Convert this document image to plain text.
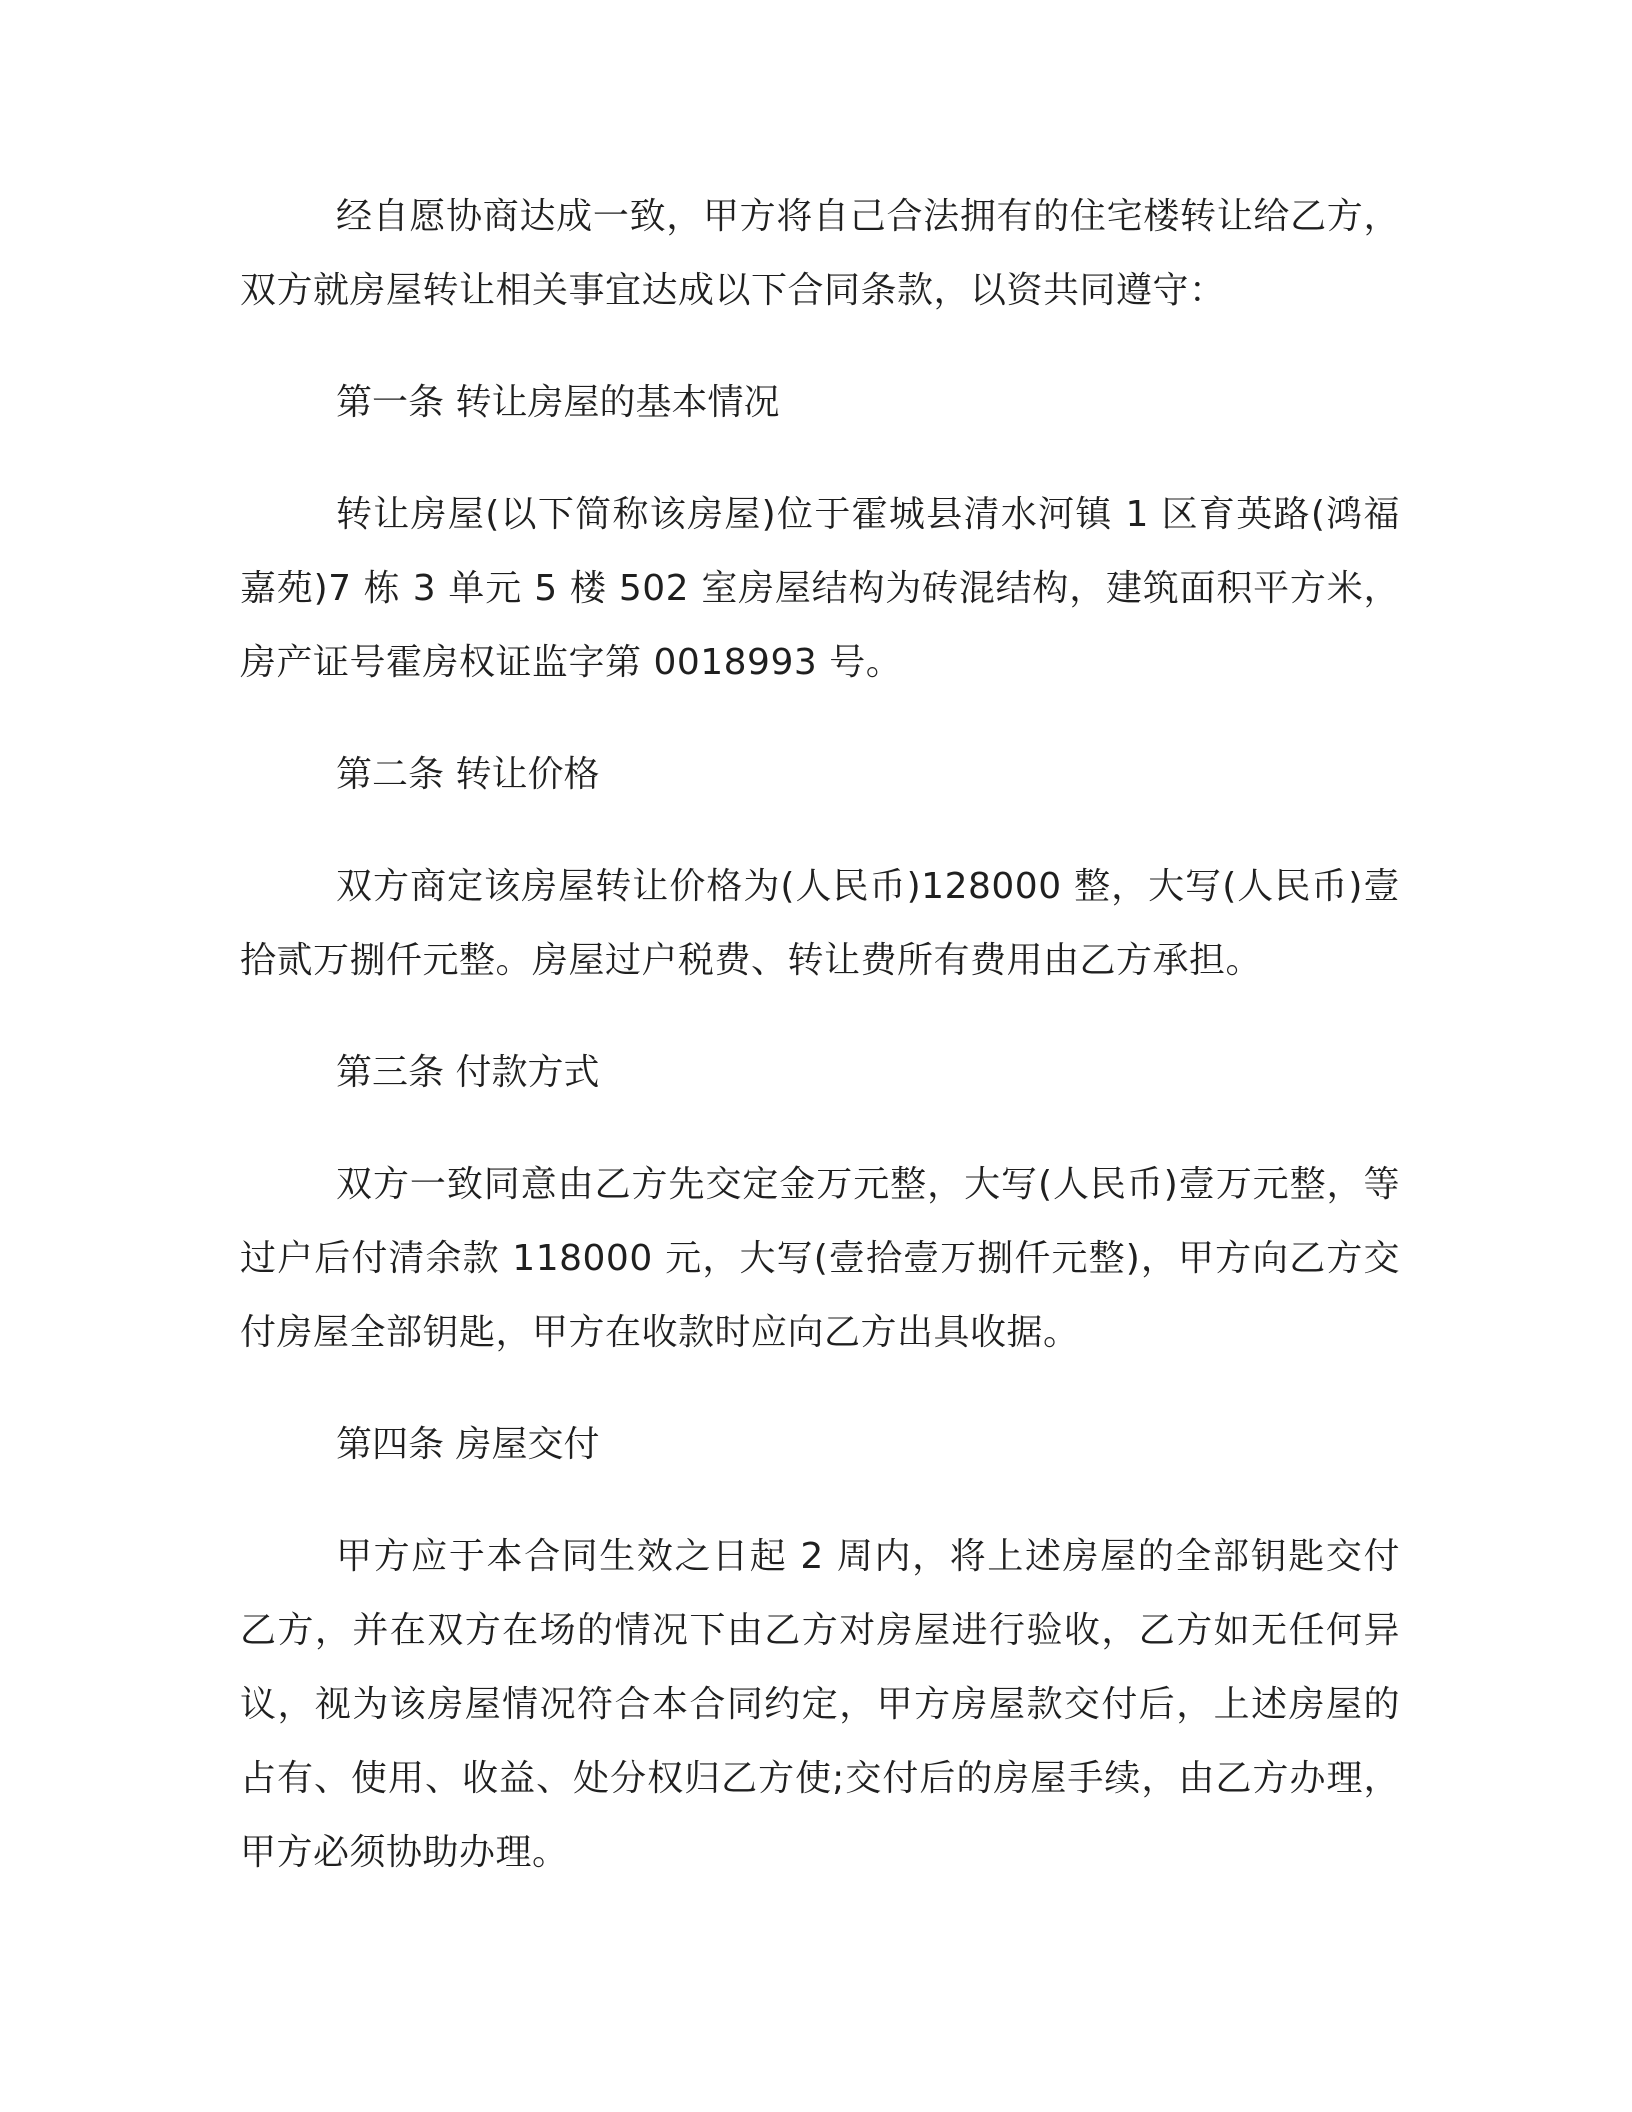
经自愿协商达成一致，甲方将自己合法拥有的住宅楼转让给乙方，双方就房屋转让相关事宜达成以下合同条款，以资共同遵守：

第一条 转让房屋的基本情况

转让房屋(以下简称该房屋)位于霍城县清水河镇 1 区育英路(鸿福嘉苑)7 栋 3 单元 5 楼 502 室房屋结构为砖混结构，建筑面积平方米，房产证号霍房权证监字第 0018993 号。

第二条 转让价格

双方商定该房屋转让价格为(人民币)128000 整，大写(人民币)壹拾贰万捌仟元整。房屋过户税费、转让费所有费用由乙方承担。

第三条 付款方式

双方一致同意由乙方先交定金万元整，大写(人民币)壹万元整，等过户后付清余款 118000 元，大写(壹拾壹万捌仟元整)，甲方向乙方交付房屋全部钥匙，甲方在收款时应向乙方出具收据。

第四条 房屋交付

甲方应于本合同生效之日起 2 周内，将上述房屋的全部钥匙交付乙方，并在双方在场的情况下由乙方对房屋进行验收，乙方如无任何异议，视为该房屋情况符合本合同约定，甲方房屋款交付后，上述房屋的占有、使用、收益、处分权归乙方使;交付后的房屋手续，由乙方办理，甲方必须协助办理。
